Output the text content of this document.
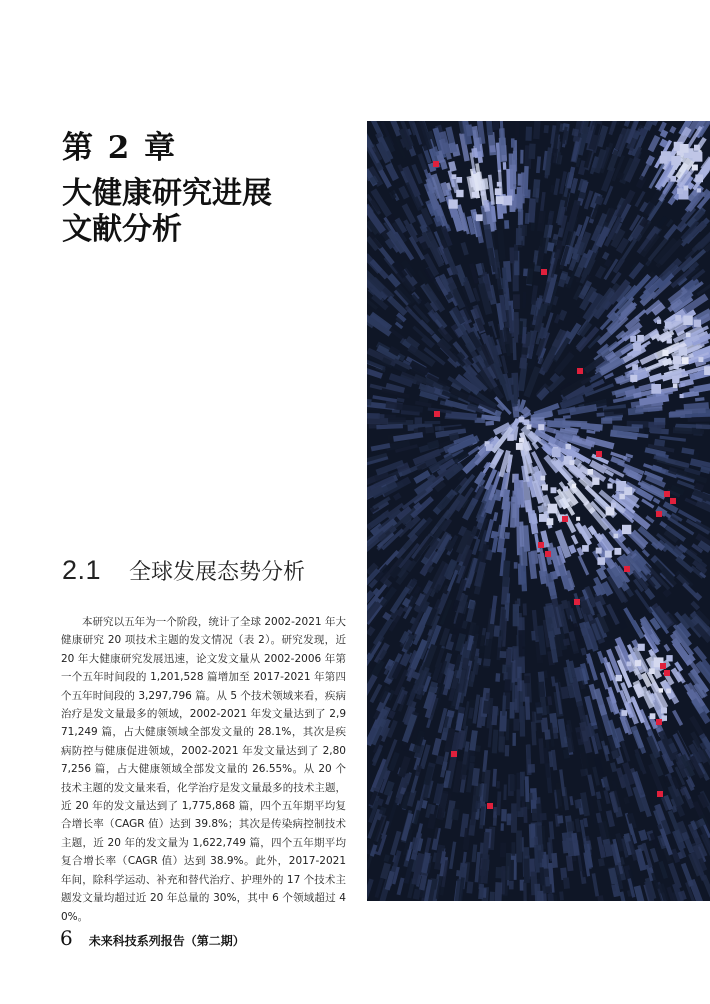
第 2 章
大健康研究进展
文献分析
2.1 全球发展态势分析

本研究以五年为一个阶段，统计了全球 2002-2021 年大健康研究 20 项技术主题的发文情况（表 2）。研究发现，近 20 年大健康研究发展迅速，论文发文量从 2002-2006 年第一个五年时间段的 1,201,528 篇增加至 2017-2021 年第四个五年时间段的 3,297,796 篇。从 5 个技术领域来看，疾病治疗是发文量最多的领域，2002-2021 年发文量达到了 2,971,249 篇，占大健康领域全部发文量的 28.1%，其次是疾病防控与健康促进领域，2002-2021 年发文量达到了 2,807,256 篇，占大健康领域全部发文量的 26.55%。从 20 个技术主题的发文量来看，化学治疗是发文量最多的技术主题，近 20 年的发文量达到了 1,775,868 篇，四个五年期平均复合增长率（CAGR 值）达到 39.8%；其次是传染病控制技术主题，近 20 年的发文量为 1,622,749 篇，四个五年期平均复合增长率（CAGR 值）达到 38.9%。此外，2017-2021 年间，除科学运动、补充和替代治疗、护理外的 17 个技术主题发文量均超过近 20 年总量的 30%，其中 6 个领域超过 40%。

6 未来科技系列报告（第二期）
